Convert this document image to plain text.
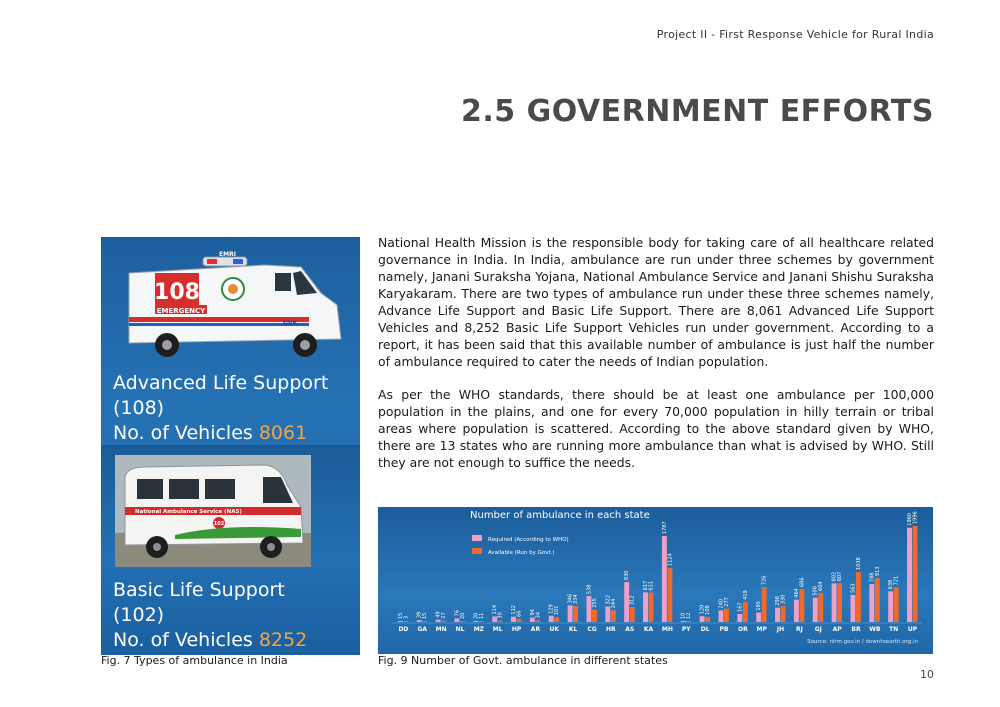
Project II - First Response Vehicle for Rural India
2.5 GOVERNMENT EFFORTS

National Health Mission is the responsible body for taking care of all healthcare related governance in India. In India, ambulance are run under three schemes by government namely, Janani Suraksha Yojana, National Ambulance Service and Janani Shishu Suraksha Karyakaram. There are two types of ambulance run under these three schemes namely, Advance Life Support and Basic Life Support. There are 8,061 Advanced Life Support Vehicles and 8,252 Basic Life Support Vehicles run under government. According to a report, it has been said that this available number of ambulance is just half the number of ambulance required to cater the needs of Indian population.

As per the WHO standards, there should be at least one ambulance per 100,000 population in the plains, and one for every 70,000 population in hilly terrain or tribal areas where population is scattered. According to the above standard given by WHO, there are 13 states who are running more ambulance than what is advised by WHO. Still they are not enough to suffice the needs.

108
EMERGENCY
GVK
EMRI
Advanced Life Support
(108)
No. of Vehicles 8061
National Ambulance Service (NAS)
102
Basic Life Support
(102)
No. of Vehicles 8252
Number of ambulance in each state
Required (According to WHO)
Available (Run by Govt.)
15 3
DD
39 15
GA
49 27
MN
76 20
NL
20 11
MZ
114
30
ML
112 66
HP
94 34
AR
129 101
UK
346 334
KL
538
255
CG
322 244
HR
830
312
AS
617 611
KA
1787
1124
MH
10 12
PY
120 108
DL
240 277
PB
167
419
OR
195
726
MP
298 330
JH
464
686
RJ
506 604
GJ
802 807
AP
563
1038
BR
788
913
WB
638 721
TN
1960 1996
UP
Source: nhm.gov.in / downtoearth.org.in
Fig. 7 Types of ambulance in India	Fig. 9 Number of Govt. ambulance in different states
10
